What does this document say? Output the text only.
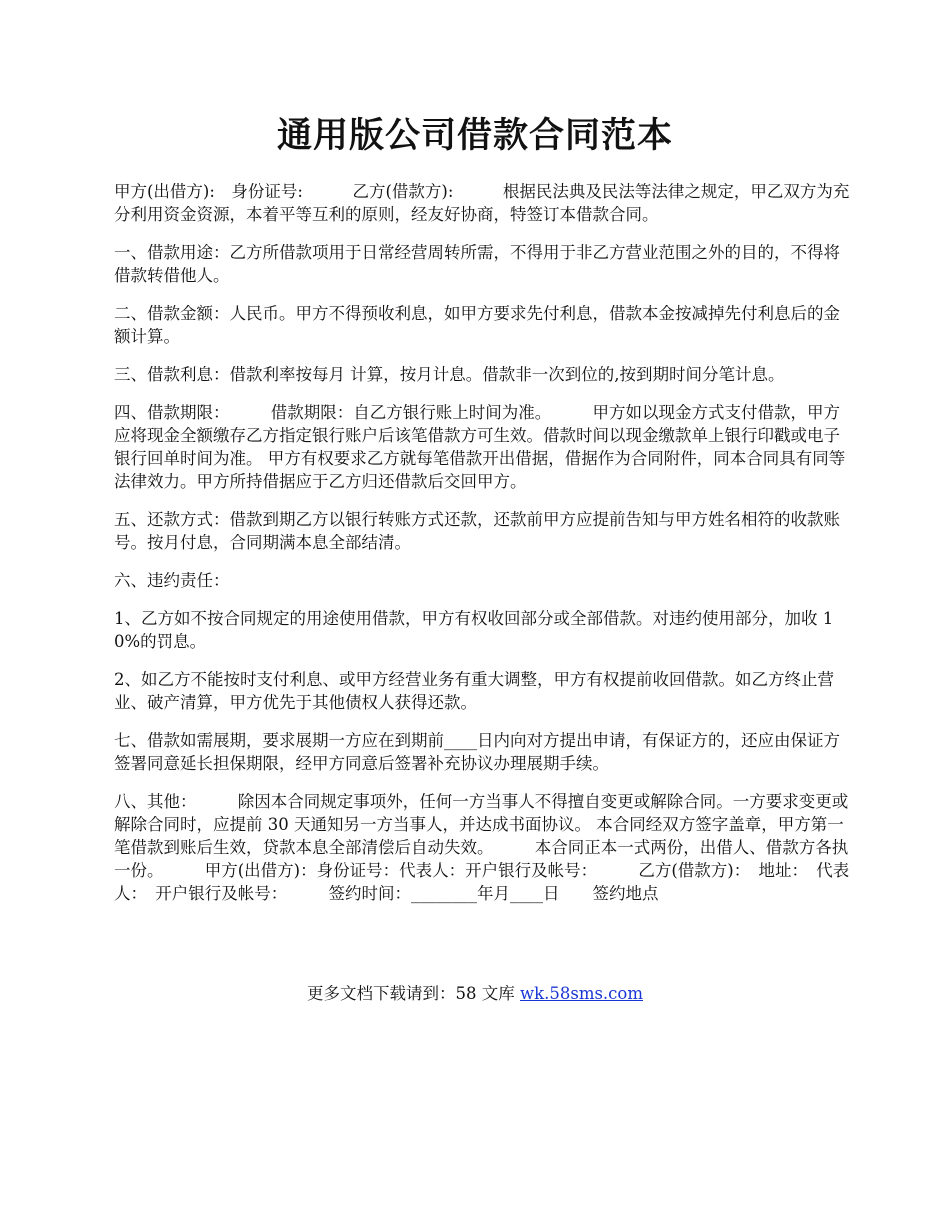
通用版公司借款合同范本

甲方(出借方):　身份证号:　　　乙方(借款方):　　　根据民法典及民法等法律之规定，甲乙双方为充分利用资金资源，本着平等互利的原则，经友好协商，特签订本借款合同。

一、借款用途：乙方所借款项用于日常经营周转所需，不得用于非乙方营业范围之外的目的，不得将借款转借他人。

二、借款金额：人民币。甲方不得预收利息，如甲方要求先付利息，借款本金按减掉先付利息后的金额计算。

三、借款利息：借款利率按每月 计算，按月计息。借款非一次到位的,按到期时间分笔计息。

四、借款期限：　　　借款期限：自乙方银行账上时间为准。　　　甲方如以现金方式支付借款，甲方应将现金全额缴存乙方指定银行账户后该笔借款方可生效。借款时间以现金缴款单上银行印戳或电子银行回单时间为准。 甲方有权要求乙方就每笔借款开出借据，借据作为合同附件，同本合同具有同等法律效力。甲方所持借据应于乙方归还借款后交回甲方。

五、还款方式：借款到期乙方以银行转账方式还款，还款前甲方应提前告知与甲方姓名相符的收款账号。按月付息，合同期满本息全部结清。

六、违约责任：

1、乙方如不按合同规定的用途使用借款，甲方有权收回部分或全部借款。对违约使用部分，加收 10%的罚息。

2、如乙方不能按时支付利息、或甲方经营业务有重大调整，甲方有权提前收回借款。如乙方终止营业、破产清算，甲方优先于其他债权人获得还款。

七、借款如需展期，要求展期一方应在到期前____日内向对方提出申请，有保证方的，还应由保证方签署同意延长担保期限，经甲方同意后签署补充协议办理展期手续。

八、其他：　　　除因本合同规定事项外，任何一方当事人不得擅自变更或解除合同。一方要求变更或解除合同时，应提前 30 天通知另一方当事人，并达成书面协议。 本合同经双方签字盖章，甲方第一笔借款到账后生效，贷款本息全部清偿后自动失效。　　　本合同正本一式两份，出借人、借款方各执一份。　　　甲方(出借方)：身份证号：代表人：开户银行及帐号：　　　乙方(借款方)：　地址：　代表人：　开户银行及帐号：　　　签约时间：________年月____日　　签约地点

更多文档下载请到：58 文库 wk.58sms.com
